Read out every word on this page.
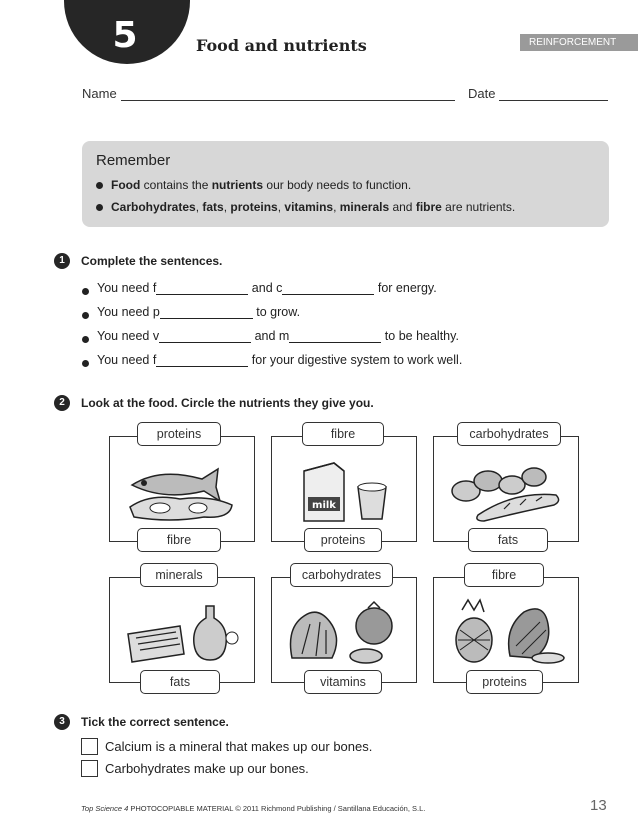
5	Food and nutrients	REINFORCEMENT
Name	Date
Remember
Food contains the nutrients our body needs to function.
Carbohydrates, fats, proteins, vitamins, minerals and fibre are nutrients.
1	Complete the sentences.
You need f	and c	for energy.
You need p	to grow.
You need v	and m	to be healthy.
You need f	for your digestive system to work well.
2	Look at the food. Circle the nutrients they give you.
proteins
fibre
milk
fibre
proteins
carbohydrates
fats
minerals
fats
carbohydrates
vitamins
fibre
proteins
3	Tick the correct sentence.
Calcium is a mineral that makes up our bones.
Carbohydrates make up our bones.
Top Science 4 PHOTOCOPIABLE MATERIAL © 2011 Richmond Publishing / Santillana Educación, S.L.	13
